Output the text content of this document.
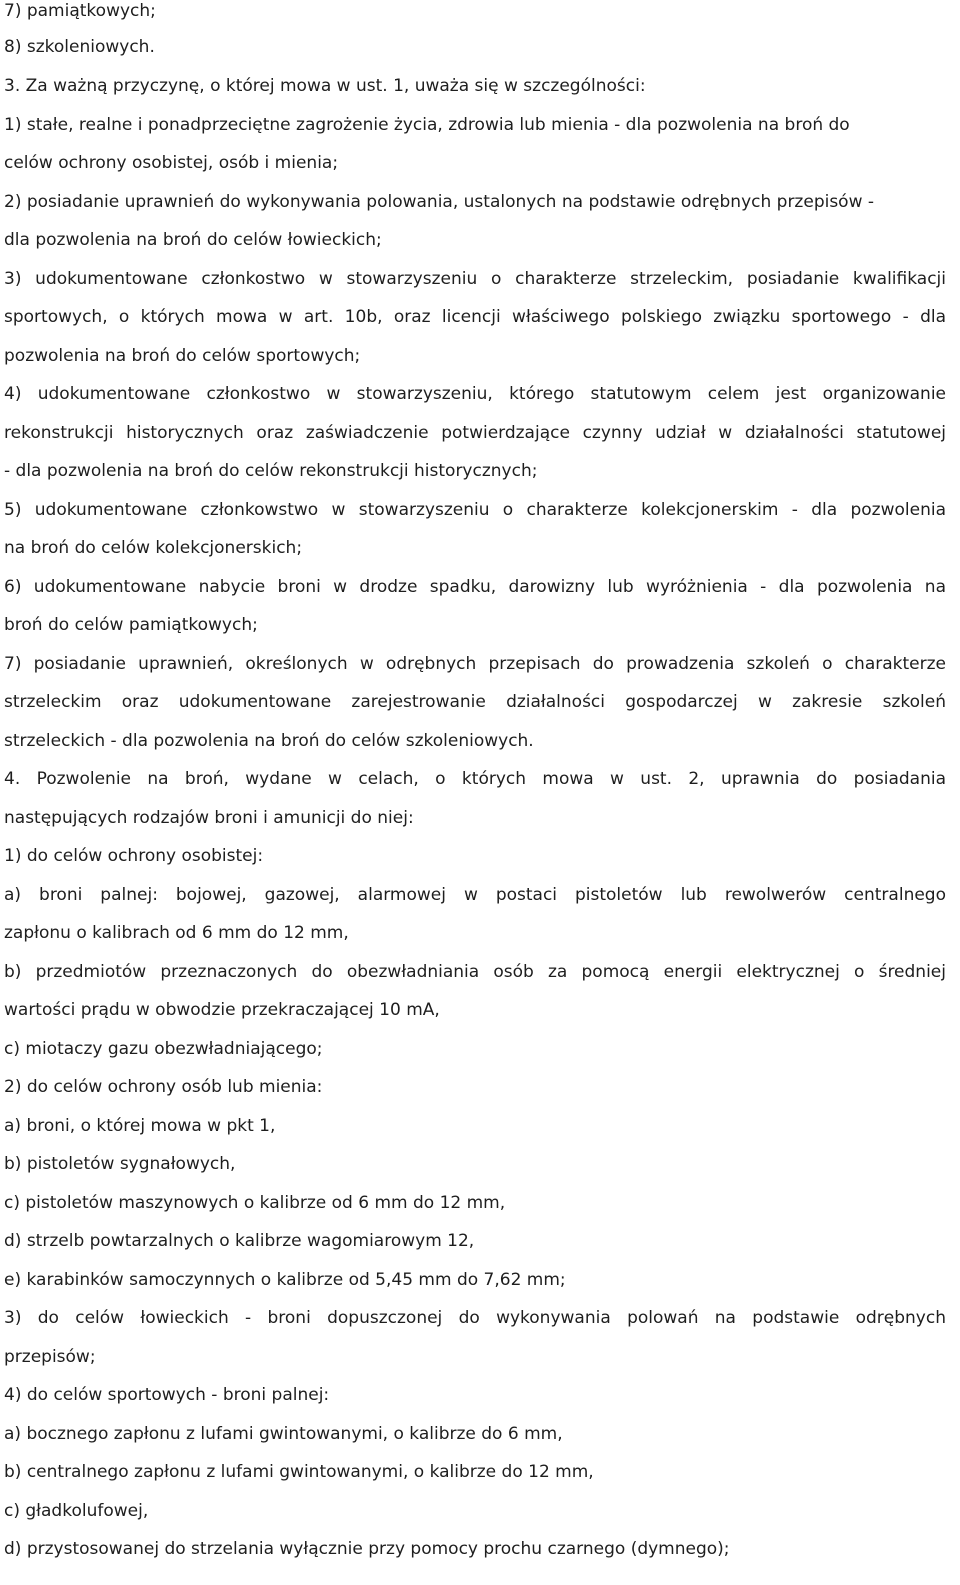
7) pamiątkowych;
8) szkoleniowych.
3. Za ważną przyczynę, o której mowa w ust. 1, uważa się w szczególności:
1) stałe, realne i ponadprzeciętne zagrożenie życia, zdrowia lub mienia - dla pozwolenia na broń do
celów ochrony osobistej, osób i mienia;
2) posiadanie uprawnień do wykonywania polowania, ustalonych na podstawie odrębnych przepisów -
dla pozwolenia na broń do celów łowieckich;
3) udokumentowane członkostwo w stowarzyszeniu o charakterze strzeleckim, posiadanie kwalifikacji
sportowych, o których mowa w art. 10b, oraz licencji właściwego polskiego związku sportowego - dla
pozwolenia na broń do celów sportowych;
4) udokumentowane członkostwo w stowarzyszeniu, którego statutowym celem jest organizowanie
rekonstrukcji historycznych oraz zaświadczenie potwierdzające czynny udział w działalności statutowej
- dla pozwolenia na broń do celów rekonstrukcji historycznych;
5) udokumentowane członkowstwo w stowarzyszeniu o charakterze kolekcjonerskim - dla pozwolenia
na broń do celów kolekcjonerskich;
6) udokumentowane nabycie broni w drodze spadku, darowizny lub wyróżnienia - dla pozwolenia na
broń do celów pamiątkowych;
7) posiadanie uprawnień, określonych w odrębnych przepisach do prowadzenia szkoleń o charakterze
strzeleckim oraz udokumentowane zarejestrowanie działalności gospodarczej w zakresie szkoleń
strzeleckich - dla pozwolenia na broń do celów szkoleniowych.
4. Pozwolenie na broń, wydane w celach, o których mowa w ust. 2, uprawnia do posiadania
następujących rodzajów broni i amunicji do niej:
1) do celów ochrony osobistej:
a) broni palnej: bojowej, gazowej, alarmowej w postaci pistoletów lub rewolwerów centralnego
zapłonu o kalibrach od 6 mm do 12 mm,
b) przedmiotów przeznaczonych do obezwładniania osób za pomocą energii elektrycznej o średniej
wartości prądu w obwodzie przekraczającej 10 mA,
c) miotaczy gazu obezwładniającego;
2) do celów ochrony osób lub mienia:
a) broni, o której mowa w pkt 1,
b) pistoletów sygnałowych,
c) pistoletów maszynowych o kalibrze od 6 mm do 12 mm,
d) strzelb powtarzalnych o kalibrze wagomiarowym 12,
e) karabinków samoczynnych o kalibrze od 5,45 mm do 7,62 mm;
3) do celów łowieckich - broni dopuszczonej do wykonywania polowań na podstawie odrębnych
przepisów;
4) do celów sportowych - broni palnej:
a) bocznego zapłonu z lufami gwintowanymi, o kalibrze do 6 mm,
b) centralnego zapłonu z lufami gwintowanymi, o kalibrze do 12 mm,
c) gładkolufowej,
d) przystosowanej do strzelania wyłącznie przy pomocy prochu czarnego (dymnego);
